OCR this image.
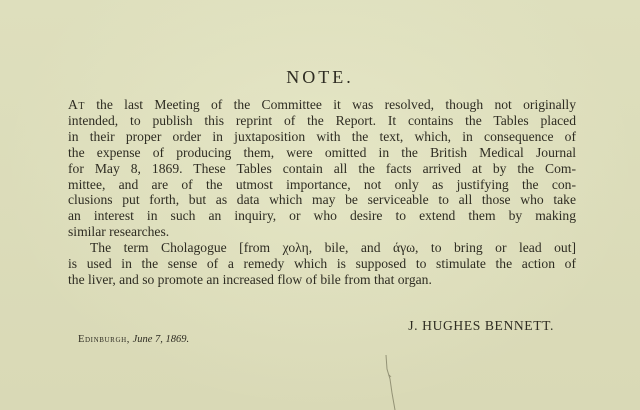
NOTE.
At the last Meeting of the Committee it was resolved, though not originally
intended, to publish this reprint of the Report. It contains the Tables placed
in their proper order in juxtaposition with the text, which, in consequence of
the expense of producing them, were omitted in the British Medical Journal
for May 8, 1869. These Tables contain all the facts arrived at by the Com-
mittee, and are of the utmost importance, not only as justifying the con-
clusions put forth, but as data which may be serviceable to all those who take
an interest in such an inquiry, or who desire to extend them by making
similar researches.
The term Cholagogue [from χολη, bile, and άγω, to bring or lead out]
is used in the sense of a remedy which is supposed to stimulate the action of
the liver, and so promote an increased flow of bile from that organ.
J. HUGHES BENNETT.
Edinburgh, June 7, 1869.
